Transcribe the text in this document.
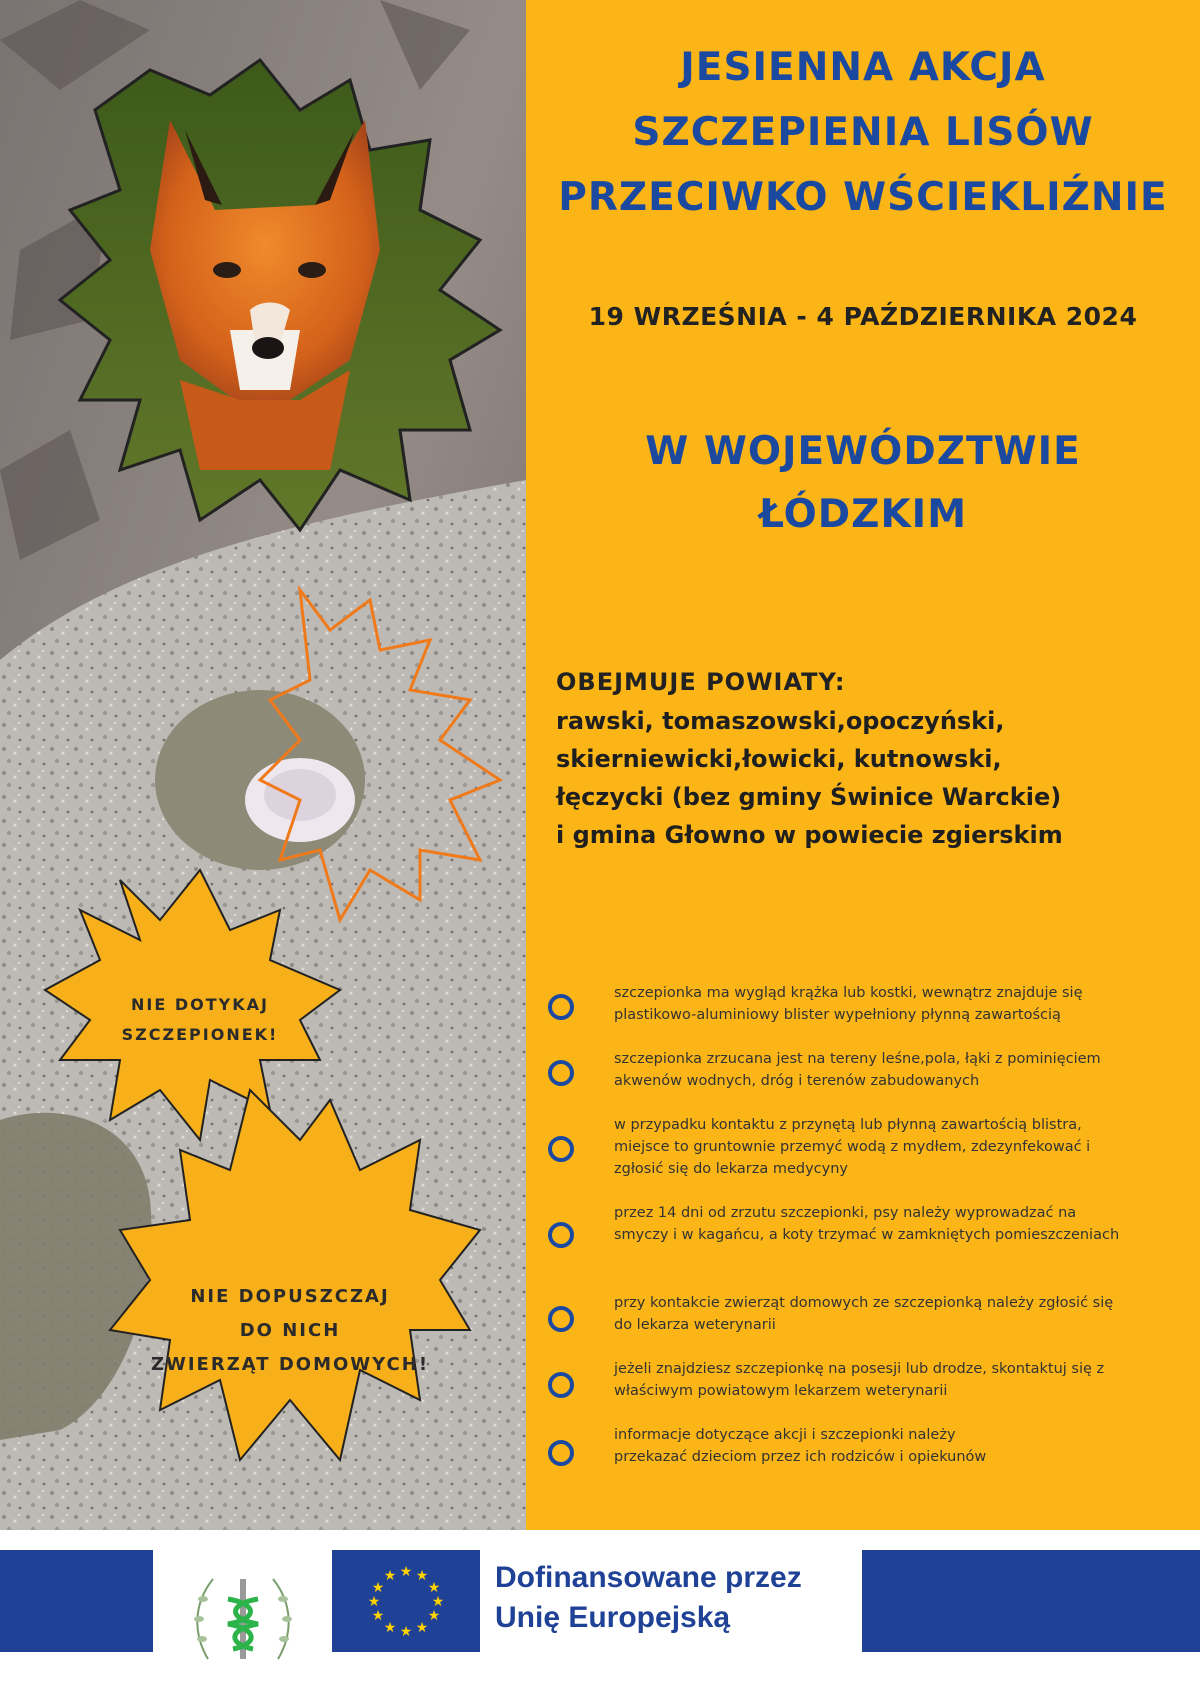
NIE DOTYKAJ
SZCZEPIONEK!
NIE DOPUSZCZAJ
DO NICH
ZWIERZĄT DOMOWYCH!
JESIENNA AKCJA
SZCZEPIENIA LISÓW
PRZECIWKO WŚCIEKLIŹNIE
19 WRZEŚNIA - 4 PAŹDZIERNIKA 2024
W WOJEWÓDZTWIE
ŁÓDZKIM
OBEJMUJE POWIATY:
rawski, tomaszowski,opoczyński,
skierniewicki,łowicki, kutnowski,
łęczycki (bez gminy Świnice Warckie)
i gmina Głowno w powiecie zgierskim
szczepionka ma wygląd krążka lub kostki, wewnątrz znajduje się plastikowo-aluminiowy blister wypełniony płynną zawartością
szczepionka zrzucana jest na tereny leśne,pola, łąki z pominięciem akwenów wodnych, dróg i terenów zabudowanych
w przypadku kontaktu z przynętą lub płynną zawartością blistra, miejsce to gruntownie przemyć wodą z mydłem, zdezynfekować i zgłosić się do lekarza medycyny
przez 14 dni od zrzutu szczepionki, psy należy wyprowadzać na smyczy i w kagańcu, a koty trzymać w zamkniętych pomieszczeniach
przy kontakcie zwierząt domowych ze szczepionką należy zgłosić się do lekarza weterynarii
jeżeli znajdziesz szczepionkę na posesji lub drodze, skontaktuj się z właściwym powiatowym lekarzem weterynarii
informacje dotyczące akcji i szczepionki należy przekazać dzieciom przez ich rodziców i opiekunów
★ ★
★
★
★
★
★
★
★
★
★
★	Dofinansowane przez
Unię Europejską
